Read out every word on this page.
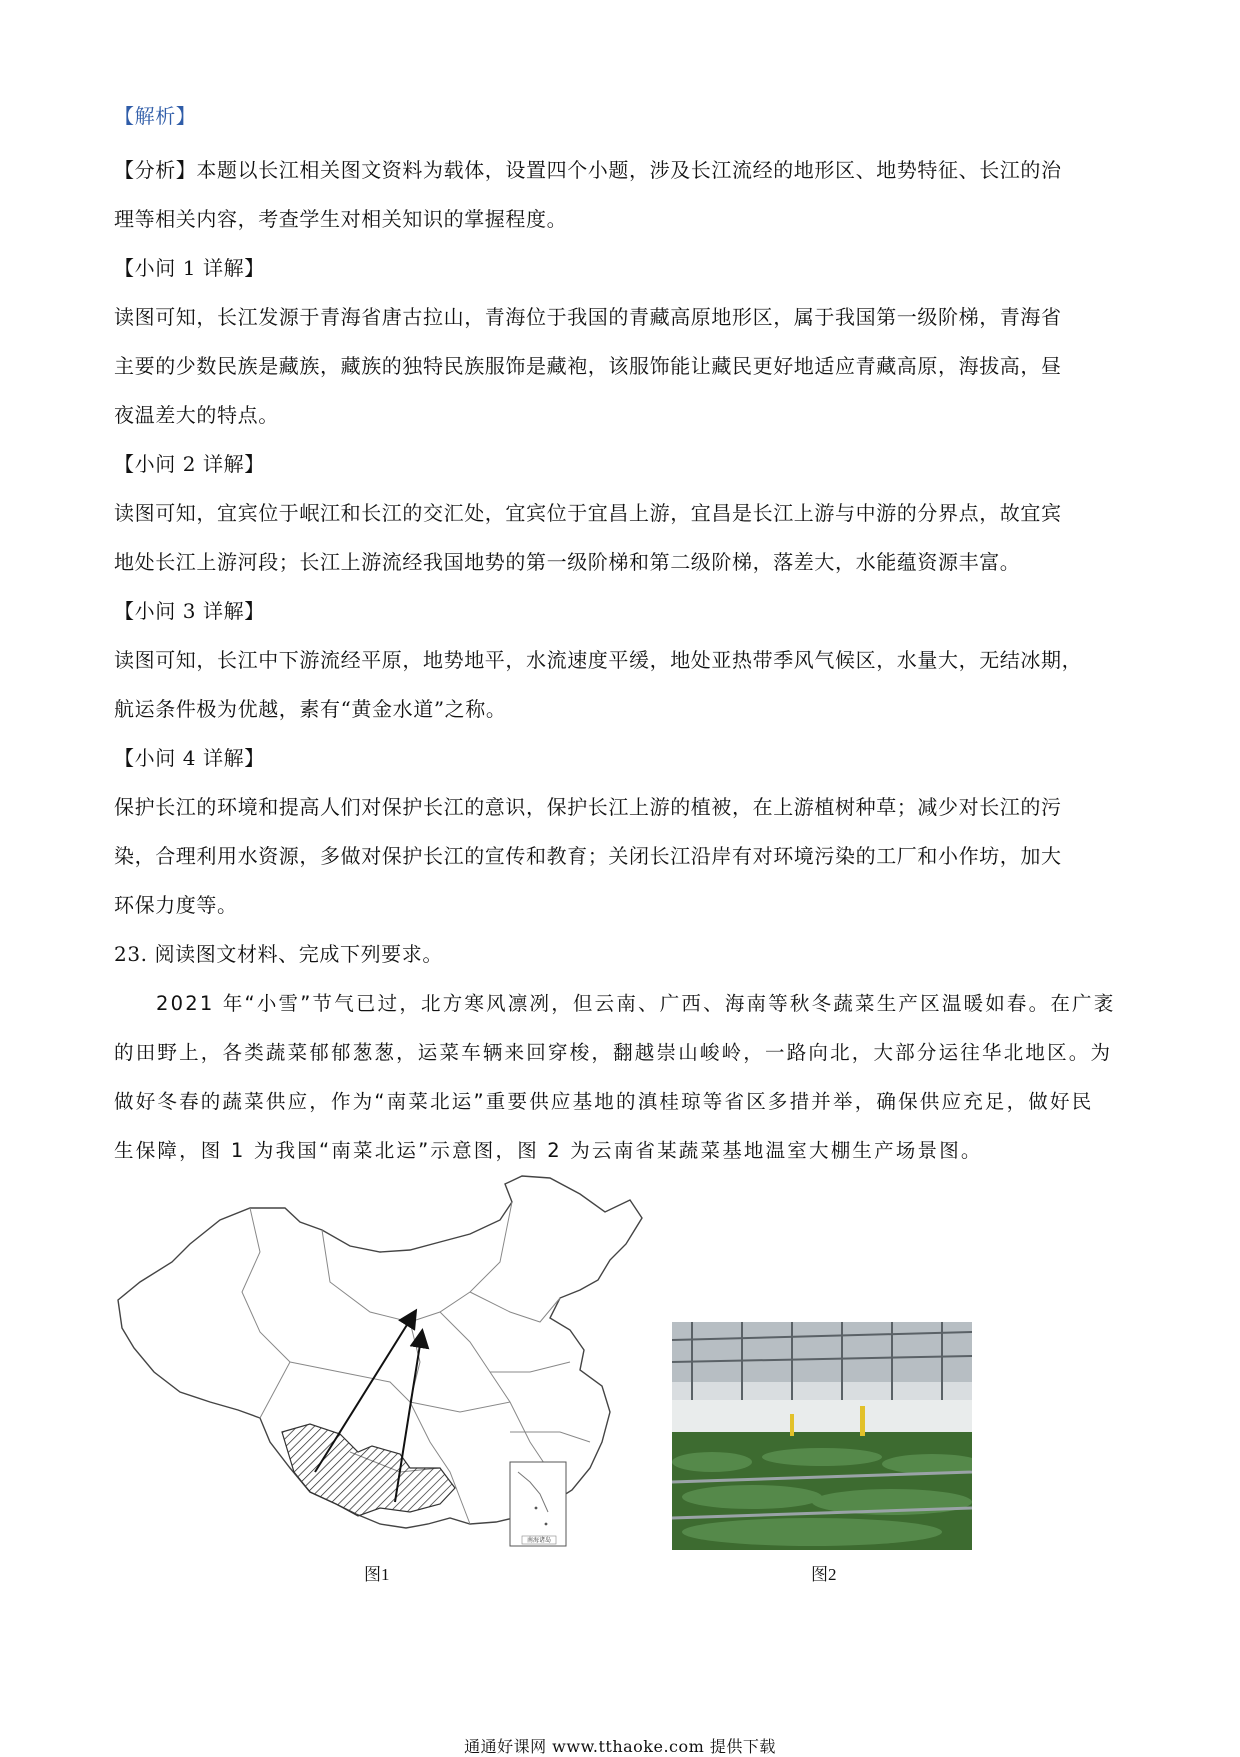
【解析】
【分析】本题以长江相关图文资料为载体，设置四个小题，涉及长江流经的地形区、地势特征、长江的治
理等相关内容，考查学生对相关知识的掌握程度。
【小问 1 详解】
读图可知，长江发源于青海省唐古拉山，青海位于我国的青藏高原地形区，属于我国第一级阶梯，青海省
主要的少数民族是藏族，藏族的独特民族服饰是藏袍，该服饰能让藏民更好地适应青藏高原，海拔高，昼
夜温差大的特点。
【小问 2 详解】
读图可知，宜宾位于岷江和长江的交汇处，宜宾位于宜昌上游，宜昌是长江上游与中游的分界点，故宜宾
地处长江上游河段；长江上游流经我国地势的第一级阶梯和第二级阶梯，落差大，水能蕴资源丰富。
【小问 3 详解】
读图可知，长江中下游流经平原，地势地平，水流速度平缓，地处亚热带季风气候区，水量大，无结冰期，
航运条件极为优越，素有“黄金水道”之称。
【小问 4 详解】
保护长江的环境和提高人们对保护长江的意识，保护长江上游的植被，在上游植树种草；减少对长江的污
染，合理利用水资源，多做对保护长江的宣传和教育；关闭长江沿岸有对环境污染的工厂和小作坊，加大
环保力度等。
23. 阅读图文材料、完成下列要求。
2021 年“小雪”节气已过，北方寒风凛冽，但云南、广西、海南等秋冬蔬菜生产区温暖如春。在广袤
的田野上，各类蔬菜郁郁葱葱，运菜车辆来回穿梭，翻越崇山峻岭，一路向北，大部分运往华北地区。为
做好冬春的蔬菜供应，作为“南菜北运”重要供应基地的滇桂琼等省区多措并举，确保供应充足，做好民
生保障，图 1 为我国“南菜北运”示意图，图 2 为云南省某蔬菜基地温室大棚生产场景图。
南海诸岛
图1	图2
通通好课网 www.tthaoke.com 提供下载
